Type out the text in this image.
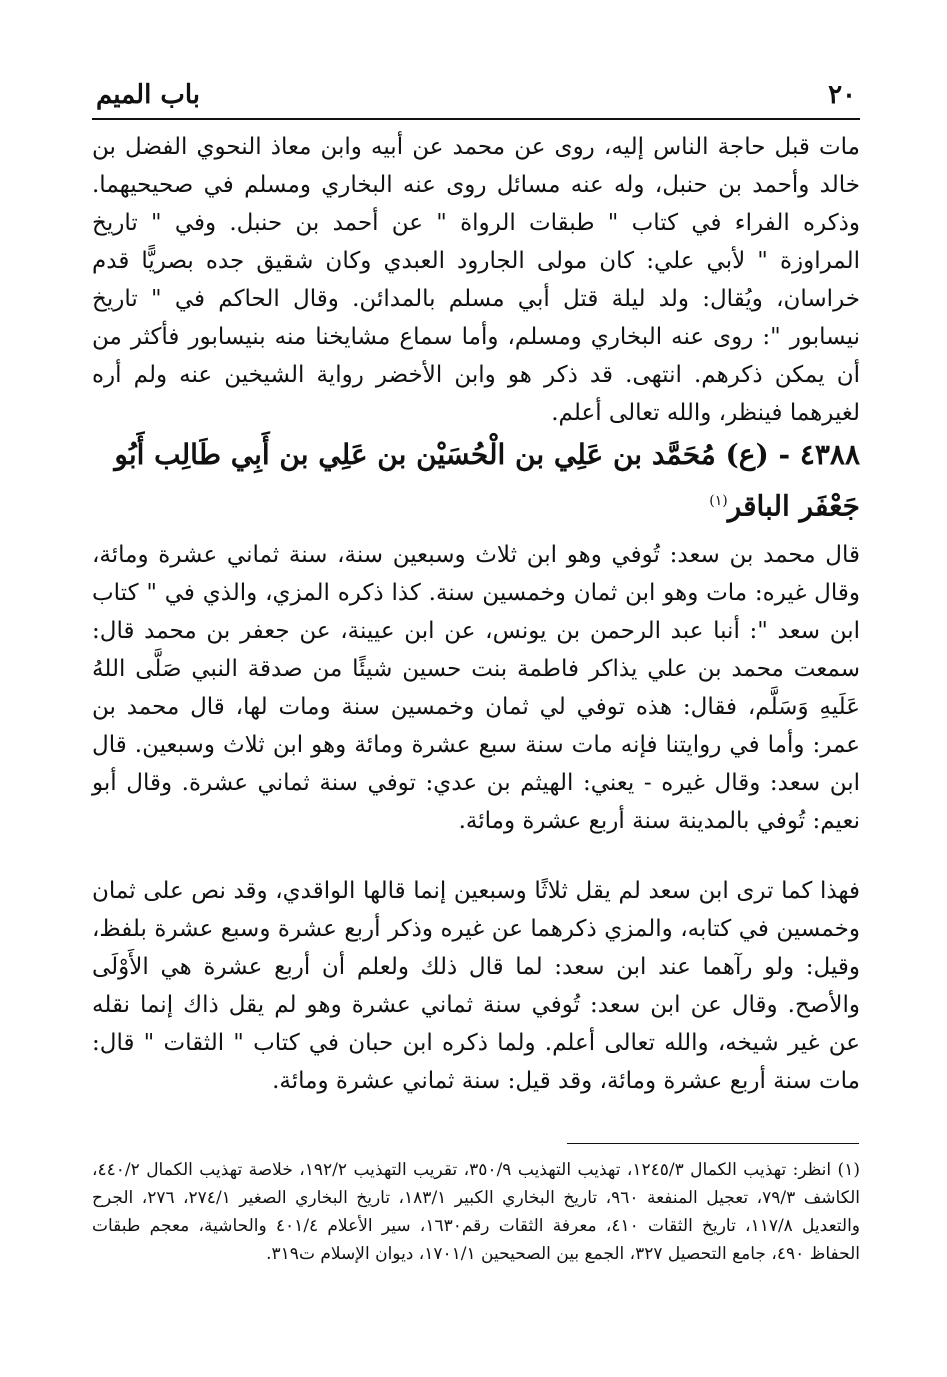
٢٠
باب الميم
مات قبل حاجة الناس إليه، روى عن محمد عن أبيه وابن معاذ النحوي الفضل بن خالد وأحمد بن حنبل، وله عنه مسائل روى عنه البخاري ومسلم في صحيحيهما. وذكره الفراء في كتاب " طبقات الرواة " عن أحمد بن حنبل. وفي " تاريخ المراوزة " لأبي علي: كان مولى الجارود العبدي وكان شقيق جده بصريًّا قدم خراسان، ويُقال: ولد ليلة قتل أبي مسلم بالمدائن. وقال الحاكم في " تاريخ نيسابور ": روى عنه البخاري ومسلم، وأما سماع مشايخنا منه بنيسابور فأكثر من أن يمكن ذكرهم. انتهى. قد ذكر هو وابن الأخضر رواية الشيخين عنه ولم أره لغيرهما فينظر، والله تعالى أعلم.
٤٣٨٨ - (ع) مُحَمَّد بن عَلِي بن الْحُسَيْن بن عَلِي بن أَبِي طَالِب أَبُو جَعْفَر الباقر$^{(١)}$
قال محمد بن سعد: تُوفي وهو ابن ثلاث وسبعين سنة، سنة ثماني عشرة ومائة، وقال غيره: مات وهو ابن ثمان وخمسين سنة. كذا ذكره المزي، والذي في " كتاب ابن سعد ": أنبا عبد الرحمن بن يونس، عن ابن عيينة، عن جعفر بن محمد قال: سمعت محمد بن علي يذاكر فاطمة بنت حسين شيئًا من صدقة النبي صَلَّى اللهُ عَلَيهِ وَسَلَّم، فقال: هذه توفي لي ثمان وخمسين سنة ومات لها، قال محمد بن عمر: وأما في روايتنا فإنه مات سنة سبع عشرة ومائة وهو ابن ثلاث وسبعين. قال ابن سعد: وقال غيره - يعني: الهيثم بن عدي: توفي سنة ثماني عشرة. وقال أبو نعيم: تُوفي بالمدينة سنة أربع عشرة ومائة.
فهذا كما ترى ابن سعد لم يقل ثلاثًا وسبعين إنما قالها الواقدي، وقد نص على ثمان وخمسين في كتابه، والمزي ذكرهما عن غيره وذكر أربع عشرة وسبع عشرة بلفظ، وقيل: ولو رآهما عند ابن سعد: لما قال ذلك ولعلم أن أربع عشرة هي الأَوْلَى والأصح. وقال عن ابن سعد: تُوفي سنة ثماني عشرة وهو لم يقل ذاك إنما نقله عن غير شيخه، والله تعالى أعلم. ولما ذكره ابن حبان في كتاب " الثقات " قال: مات سنة أربع عشرة ومائة، وقد قيل: سنة ثماني عشرة ومائة.
(١) انظر: تهذيب الكمال ١٢٤٥/٣، تهذيب التهذيب ٣٥٠/٩، تقريب التهذيب ١٩٢/٢، خلاصة تهذيب الكمال ٤٤٠/٢، الكاشف ٧٩/٣، تعجيل المنفعة ٩٦٠، تاريخ البخاري الكبير ١٨٣/١، تاريخ البخاري الصغير ٢٧٤/١، ٢٧٦، الجرح والتعديل ١١٧/٨، تاريخ الثقات ٤١٠، معرفة الثقات رقم١٦٣٠، سير الأعلام ٤٠١/٤ والحاشية، معجم طبقات الحفاظ ٤٩٠، جامع التحصيل ٣٢٧، الجمع بين الصحيحين ١٧٠١/١، ديوان الإسلام ت٣١٩.
